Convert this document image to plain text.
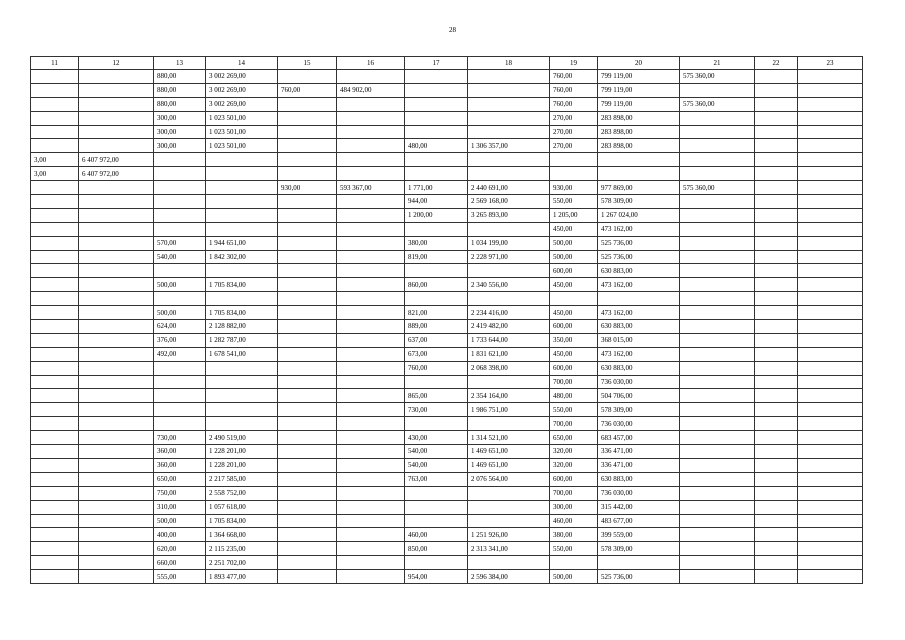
28
11	12	13	14	15	16	17	18	19	20	21	22	23
		880,00	3 002 269,00					760,00	799 119,00	575 360,00		
		880,00	3 002 269,00	760,00	484 902,00			760,00	799 119,00			
		880,00	3 002 269,00					760,00	799 119,00	575 360,00		
		300,00	1 023 501,00					270,00	283 898,00			
		300,00	1 023 501,00					270,00	283 898,00			
		300,00	1 023 501,00			480,00	1 306 357,00	270,00	283 898,00			
3,00	6 407 972,00											
3,00	6 407 972,00											
				930,00	593 367,00	1 771,00	2 440 691,00	930,00	977 869,00	575 360,00		
						944,00	2 569 168,00	550,00	578 309,00			
						1 200,00	3 265 893,00	1 205,00	1 267 024,00			
								450,00	473 162,00			
		570,00	1 944 651,00			380,00	1 034 199,00	500,00	525 736,00			
		540,00	1 842 302,00			819,00	2 228 971,00	500,00	525 736,00			
								600,00	630 883,00			
		500,00	1 705 834,00			860,00	2 340 556,00	450,00	473 162,00			

		500,00	1 705 834,00			821,00	2 234 416,00	450,00	473 162,00			
		624,00	2 128 882,00			889,00	2 419 482,00	600,00	630 883,00			
		376,00	1 282 787,00			637,00	1 733 644,00	350,00	368 015,00			
		492,00	1 678 541,00			673,00	1 831 621,00	450,00	473 162,00			
						760,00	2 068 398,00	600,00	630 883,00			
								700,00	736 030,00			
						865,00	2 354 164,00	480,00	504 706,00			
						730,00	1 986 751,00	550,00	578 309,00			
								700,00	736 030,00			
		730,00	2 490 519,00			430,00	1 314 521,00	650,00	683 457,00			
		360,00	1 228 201,00			540,00	1 469 651,00	320,00	336 471,00			
		360,00	1 228 201,00			540,00	1 469 651,00	320,00	336 471,00			
		650,00	2 217 585,00			763,00	2 076 564,00	600,00	630 883,00			
		750,00	2 558 752,00					700,00	736 030,00			
		310,00	1 057 618,00					300,00	315 442,00			
		500,00	1 705 834,00					460,00	483 677,00			
		400,00	1 364 668,00			460,00	1 251 926,00	380,00	399 559,00			
		620,00	2 115 235,00			850,00	2 313 341,00	550,00	578 309,00			
		660,00	2 251 702,00									
		555,00	1 893 477,00			954,00	2 596 384,00	500,00	525 736,00			
